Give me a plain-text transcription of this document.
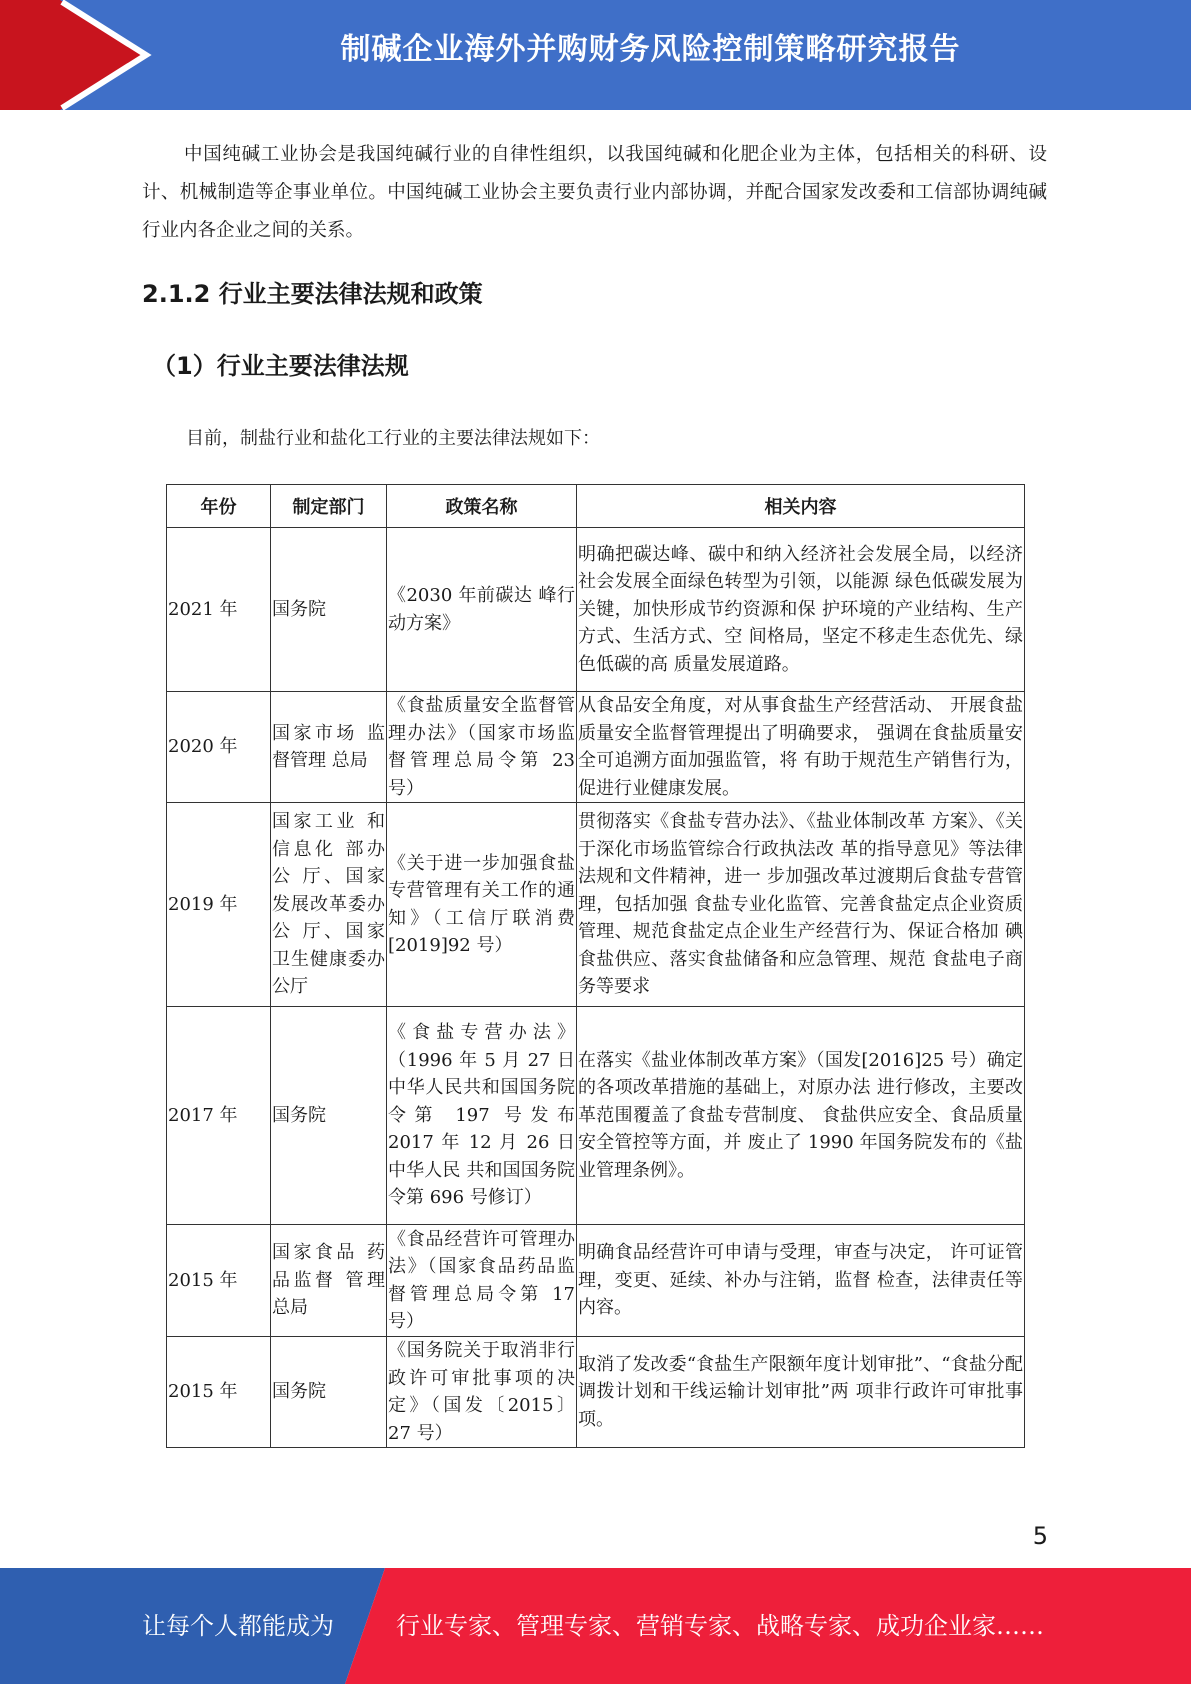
制碱企业海外并购财务风险控制策略研究报告

中国纯碱工业协会是我国纯碱行业的自律性组织，以我国纯碱和化肥企业为主体，包括相关的科研、设计、机械制造等企事业单位。中国纯碱工业协会主要负责行业内部协调，并配合国家发改委和工信部协调纯碱行业内各企业之间的关系。

2.1.2 行业主要法律法规和政策
（1）行业主要法律法规

目前，制盐行业和盐化工行业的主要法律法规如下：

年份	制定部门	政策名称	相关内容
2021 年	国务院	《2030 年前碳达 峰行动方案》	明确把碳达峰、碳中和纳入经济社会发展全局，以经济社会发展全面绿色转型为引领，以能源 绿色低碳发展为关键，加快形成节约资源和保 护环境的产业结构、生产方式、生活方式、空 间格局，坚定不移走生态优先、绿色低碳的高 质量发展道路。
2020 年	国家市场 监督管理 总局	《食盐质量安全监督管理办法》（国家市场监督管理总局令第 23 号）	从食品安全角度，对从事食盐生产经营活动、 开展食盐质量安全监督管理提出了明确要求， 强调在食盐质量安全可追溯方面加强监管，将 有助于规范生产销售行为，促进行业健康发展。
2019 年	国家工业 和信息化 部办公 厅、国家发展改革委办公 厅、国家 卫生健康委办公厅	《关于进一步加强食盐专营管理有关工作的通知》（工信厅联消费 [2019]92 号）	贯彻落实《食盐专营办法》、《盐业体制改革 方案》、《关于深化市场监管综合行政执法改 革的指导意见》等法律法规和文件精神，进一 步加强改革过渡期后食盐专营管理，包括加强 食盐专业化监管、完善食盐定点企业资质管理、规范食盐定点企业生产经营行为、保证合格加 碘食盐供应、落实食盐储备和应急管理、规范 食盐电子商务等要求
2017 年	国务院	《食盐专营办法》（1996 年 5 月 27 日中华人民共和国国务院令第 197 号发布 2017 年 12 月 26 日中华人民 共和国国务院令第 696 号修订）	在落实《盐业体制改革方案》（国发[2016]25 号）确定的各项改革措施的基础上，对原办法 进行修改，主要改革范围覆盖了食盐专营制度、 食盐供应安全、食品质量安全管控等方面，并 废止了 1990 年国务院发布的《盐业管理条例》。
2015 年	国家食品 药品监督 管理总局	《食品经营许可管理办法》（国家食品药品监督管理总局令第 17 号）	明确食品经营许可申请与受理，审查与决定， 许可证管理，变更、延续、补办与注销，监督 检查，法律责任等内容。
2015 年	国务院	《国务院关于取消非行政许可审批事项的决定》（国发〔2015〕 27 号）	取消了发改委“食盐生产限额年度计划审批”、“食盐分配调拨计划和干线运输计划审批”两 项非行政许可审批事项。
5
让每个人都能成为	行业专家、管理专家、营销专家、战略专家、成功企业家……
